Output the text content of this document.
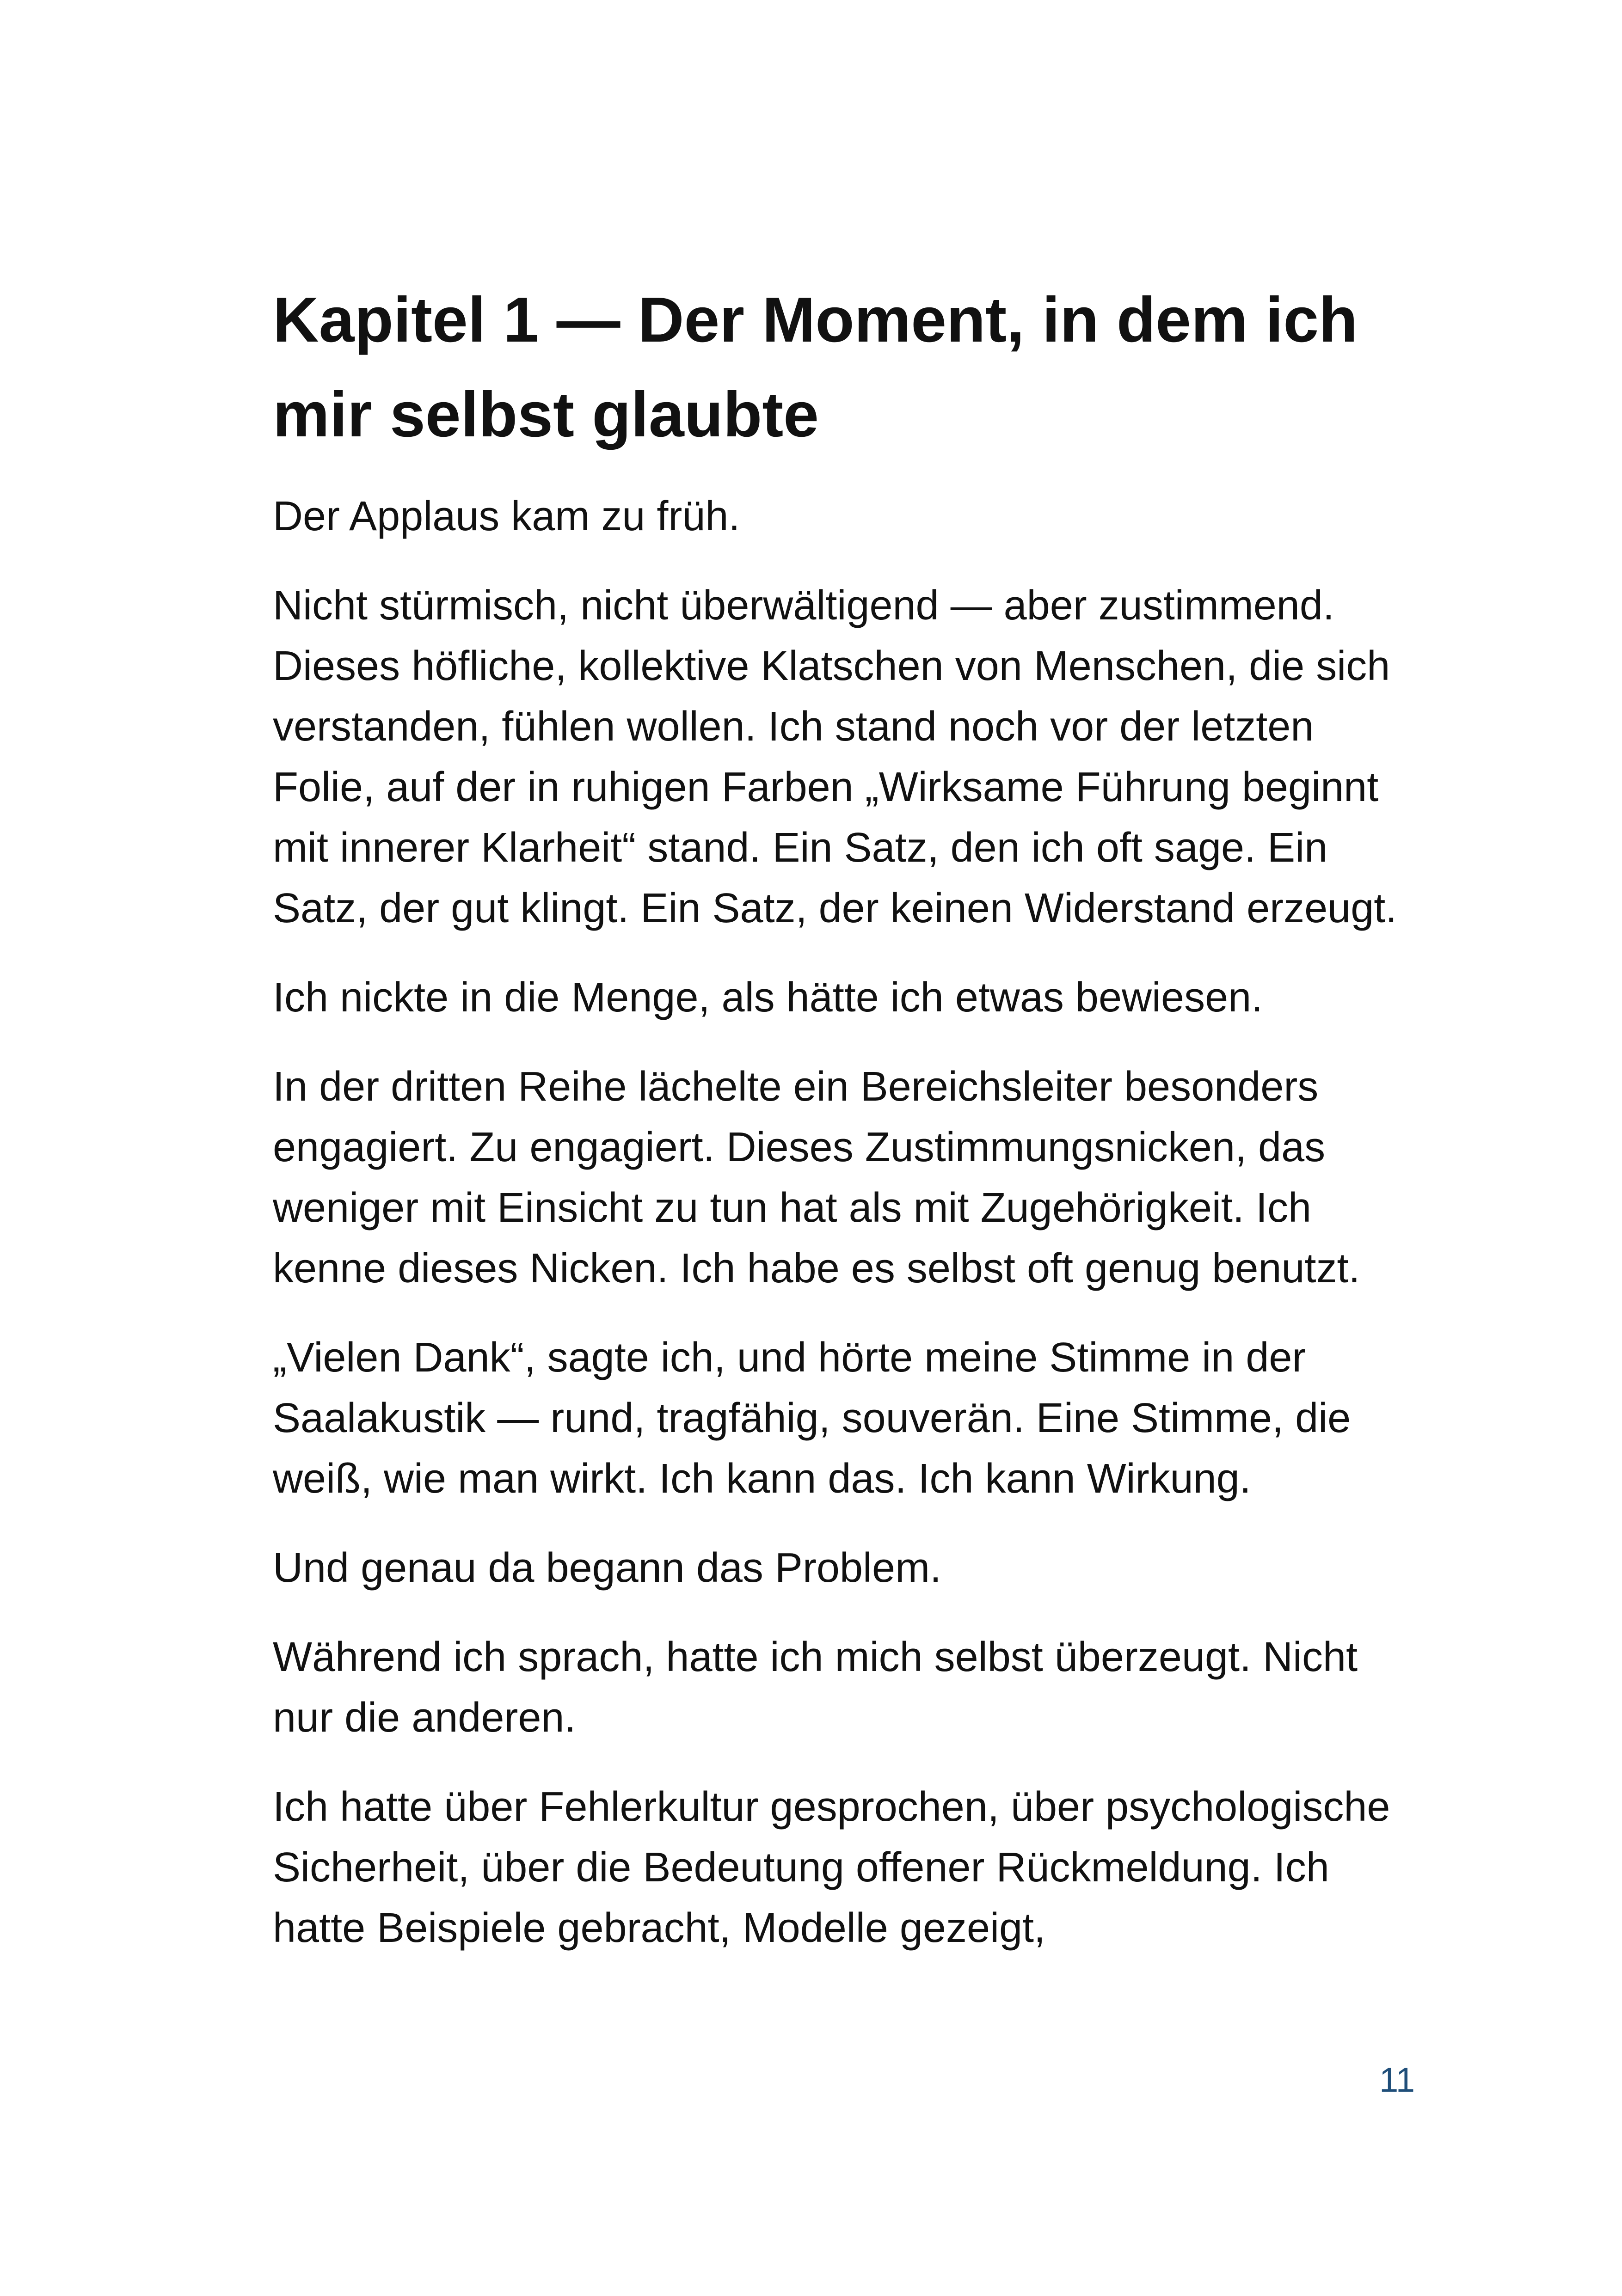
Kapitel 1 — Der Moment, in dem ich mir selbst glaubte

Der Applaus kam zu früh.

Nicht stürmisch, nicht überwältigend — aber zustimmend. Dieses höfliche, kollektive Klatschen von Menschen, die sich verstanden, fühlen wollen. Ich stand noch vor der letzten Folie, auf der in ruhigen Farben „Wirksame Führung beginnt mit innerer Klarheit“ stand. Ein Satz, den ich oft sage. Ein Satz, der gut klingt. Ein Satz, der keinen Widerstand erzeugt.

Ich nickte in die Menge, als hätte ich etwas bewiesen.

In der dritten Reihe lächelte ein Bereichsleiter besonders engagiert. Zu engagiert. Dieses Zustimmungsnicken, das weniger mit Einsicht zu tun hat als mit Zugehörigkeit. Ich kenne dieses Nicken. Ich habe es selbst oft genug benutzt.

„Vielen Dank“, sagte ich, und hörte meine Stimme in der Saalakustik — rund, tragfähig, souverän. Eine Stimme, die weiß, wie man wirkt. Ich kann das. Ich kann Wirkung.

Und genau da begann das Problem.

Während ich sprach, hatte ich mich selbst überzeugt. Nicht nur die anderen.

Ich hatte über Fehlerkultur gesprochen, über psychologische Sicherheit, über die Bedeutung offener Rückmeldung. Ich hatte Beispiele gebracht, Modelle gezeigt,

11
